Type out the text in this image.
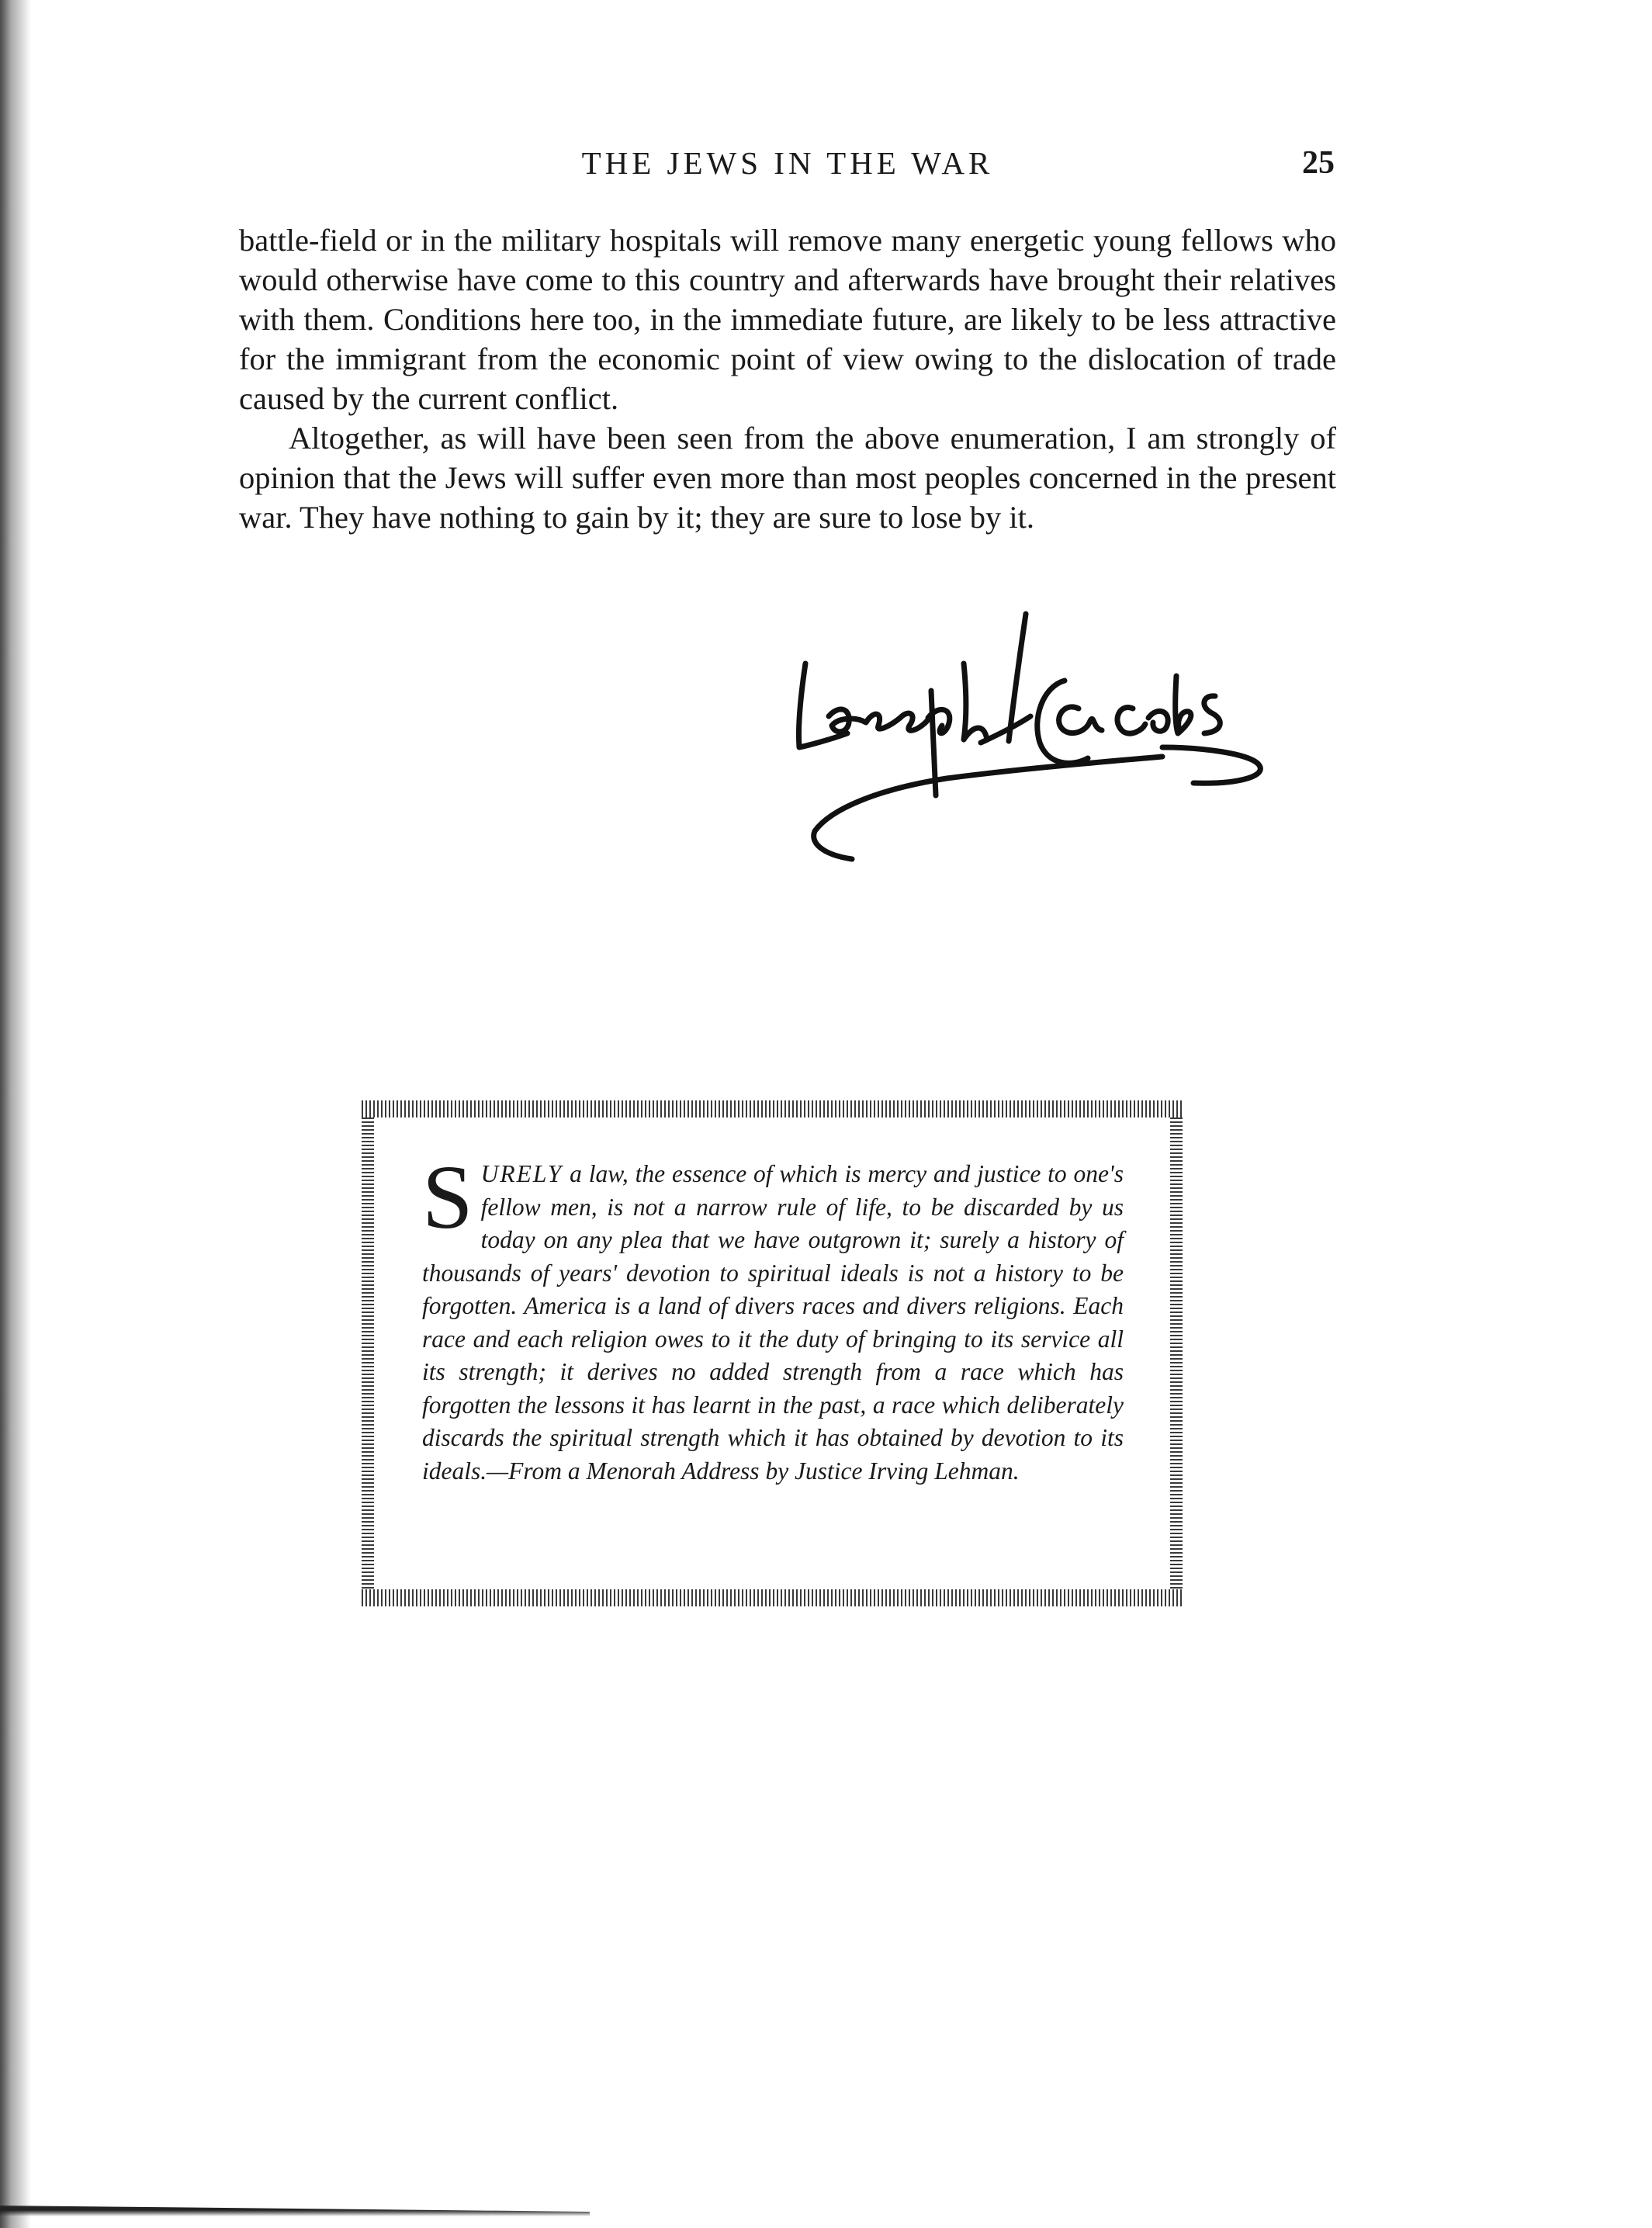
THE JEWS IN THE WAR	25

battle-field or in the military hospitals will remove many energetic young fellows who would otherwise have come to this country and afterwards have brought their relatives with them. Conditions here too, in the immediate future, are likely to be less attractive for the immigrant from the economic point of view owing to the dislocation of trade caused by the current conflict.

Altogether, as will have been seen from the above enumeration, I am strongly of opinion that the Jews will suffer even more than most peoples concerned in the present war. They have nothing to gain by it; they are sure to lose by it.

SURELY a law, the essence of which is mercy and justice to one's fellow men, is not a narrow rule of life, to be discarded by us today on any plea that we have outgrown it; surely a history of thousands of years' devotion to spiritual ideals is not a history to be forgotten. America is a land of divers races and divers religions. Each race and each religion owes to it the duty of bringing to its service all its strength; it derives no added strength from a race which has forgotten the lessons it has learnt in the past, a race which deliberately discards the spiritual strength which it has obtained by devotion to its ideals.—From a Menorah Address by Justice Irving Lehman.
